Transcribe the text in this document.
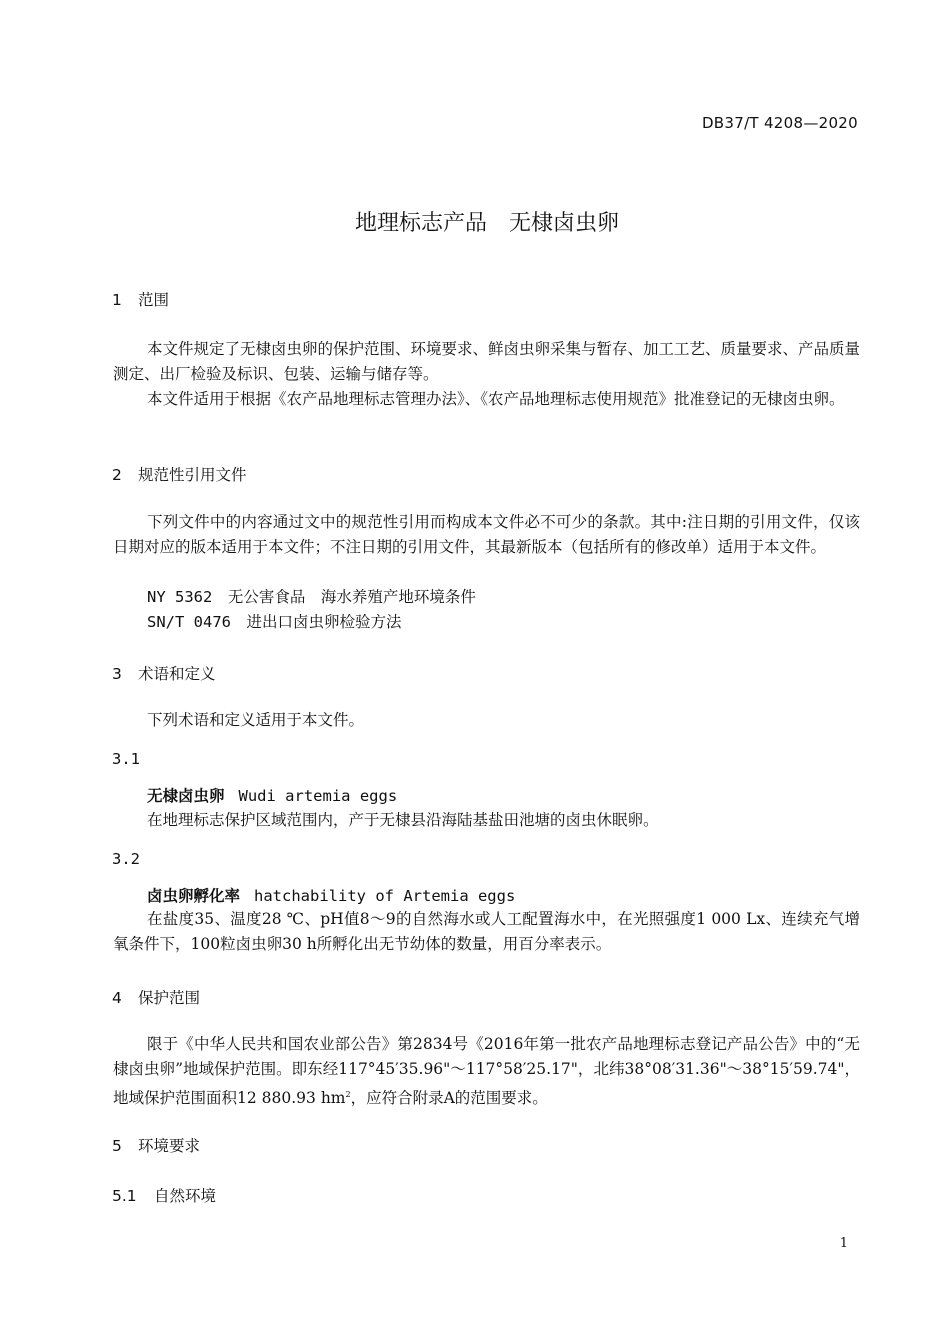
DB37/T 4208—2020
地理标志产品　无棣卤虫卵
1 范围

本文件规定了无棣卤虫卵的保护范围、环境要求、鲜卤虫卵采集与暂存、加工工艺、质量要求、产品质量测定、出厂检验及标识、包装、运输与储存等。

本文件适用于根据《农产品地理标志管理办法》、《农产品地理标志使用规范》批准登记的无棣卤虫卵。

2 规范性引用文件

下列文件中的内容通过文中的规范性引用而构成本文件必不可少的条款。其中:注日期的引用文件，仅该日期对应的版本适用于本文件；不注日期的引用文件，其最新版本（包括所有的修改单）适用于本文件。

NY 5362　无公害食品　海水养殖产地环境条件
SN/T 0476　进出口卤虫卵检验方法
3 术语和定义
下列术语和定义适用于本文件。
3.1
无棣卤虫卵 Wudi artemia eggs
在地理标志保护区域范围内，产于无棣县沿海陆基盐田池塘的卤虫休眠卵。
3.2
卤虫卵孵化率 hatchability of Artemia eggs

在盐度35、温度28 ℃、pH值8～9的自然海水或人工配置海水中，在光照强度1 000 Lx、连续充气增氧条件下，100粒卤虫卵30 h所孵化出无节幼体的数量，用百分率表示。

4 保护范围

限于《中华人民共和国农业部公告》第2834号《2016年第一批农产品地理标志登记产品公告》中的“无棣卤虫卵”地域保护范围。即东经117°45′35.96"～117°58′25.17"，北纬38°08′31.36"～38°15′59.74"，地域保护范围面积12 880.93 $hm^2$，应符合附录A的范围要求。

5 环境要求
5.1 自然环境
1
